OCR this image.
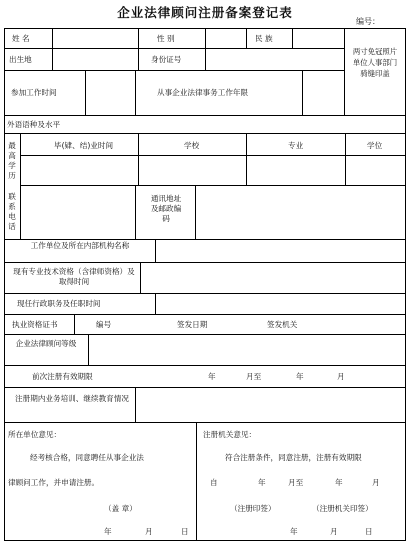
企业法律顾问注册备案登记表
编号：
姓 名	性 别	民 族
两寸免冠照片单位人事部门骑缝印盖
出生地	身份证号
参加工作时间	从事企业法律事务工作年限
外语语种及水平
最高学历
毕(肄、结)业时间	学校	专业	学位
联系电话
通讯地址及邮政编码
工作单位及所在内部机构名称
现有专业技术资格（含律师资格）及取得时间
现任行政职务及任职时间
执业资格证书	编号	签发日期	签发机关
企业法律顾问等级
前次注册有效期限	年	月至	年	月
注册期内业务培训、继续教育情况
所在单位意见：
经考核合格，同意聘任从事企业法
律顾问工作，并申请注册。
（盖 章）
年	月	日
注册机关意见：
符合注册条件，同意注册，注册有效期限
自	年	月至	年	月
（注册印签）	（注册机关印签）
年	月	日
